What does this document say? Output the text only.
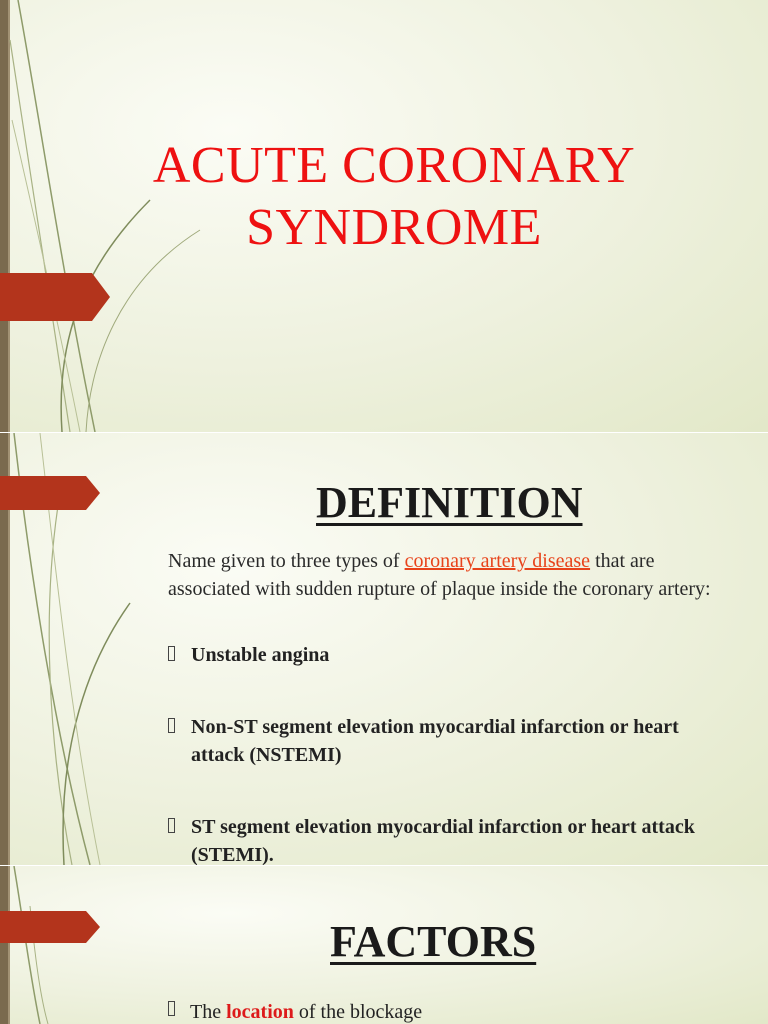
ACUTE CORONARY
SYNDROME
DEFINITION

Name given to three types of coronary artery disease that are associated with sudden rupture of plaque inside the coronary artery:

Unstable angina
Non-ST segment elevation myocardial infarction or heart attack (NSTEMI)
ST segment elevation myocardial infarction or heart attack (STEMI).
FACTORS

The location of the blockage
